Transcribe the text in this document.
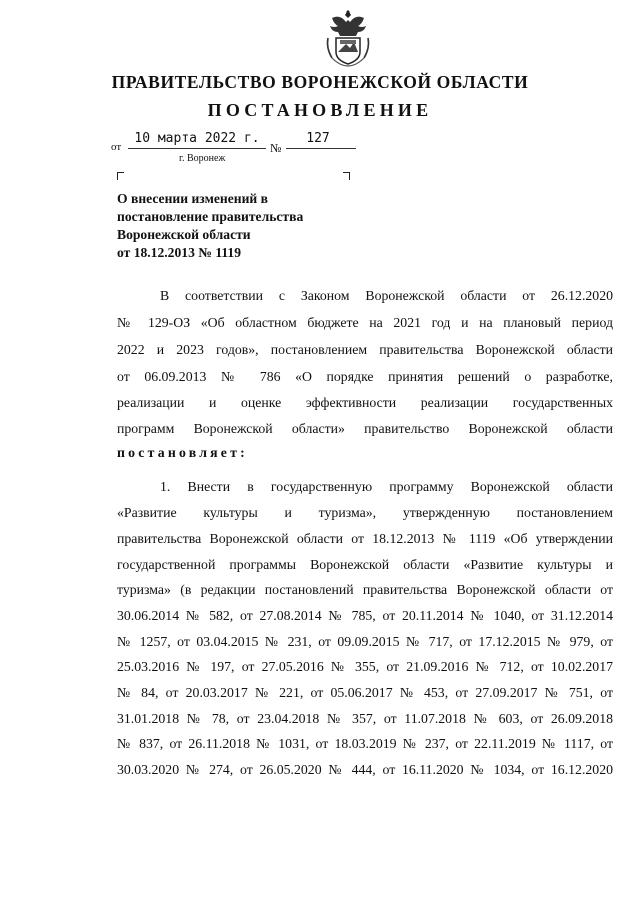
ПРАВИТЕЛЬСТВО ВОРОНЕЖСКОЙ ОБЛАСТИ
ПОСТАНОВЛЕНИЕ
от
10 марта 2022 г.
№
127
г. Воронеж
О внесении изменений в
постановление правительства
Воронежской области
от 18.12.2013 № 1119
В соответствии с Законом Воронежской области от 26.12.2020
№ 129-ОЗ «Об областном бюджете на 2021 год и на плановый период
2022 и 2023 годов», постановлением правительства Воронежской области
от 06.09.2013 № 786 «О порядке принятия решений о разработке,
реализации и оценке эффективности реализации государственных
программ Воронежской области» правительство Воронежской области
постановляет:
1. Внести в государственную программу Воронежской области
«Развитие культуры и туризма», утвержденную постановлением
правительства Воронежской области от 18.12.2013 № 1119 «Об утверждении
государственной программы Воронежской области «Развитие культуры и
туризма» (в редакции постановлений правительства Воронежской области от
30.06.2014 № 582, от 27.08.2014 № 785, от 20.11.2014 № 1040, от 31.12.2014
№ 1257, от 03.04.2015 № 231, от 09.09.2015 № 717, от 17.12.2015 № 979, от
25.03.2016 № 197, от 27.05.2016 № 355, от 21.09.2016 № 712, от 10.02.2017
№ 84, от 20.03.2017 № 221, от 05.06.2017 № 453, от 27.09.2017 № 751, от
31.01.2018 № 78, от 23.04.2018 № 357, от 11.07.2018 № 603, от 26.09.2018
№ 837, от 26.11.2018 № 1031, от 18.03.2019 № 237, от 22.11.2019 № 1117, от
30.03.2020 № 274, от 26.05.2020 № 444, от 16.11.2020 № 1034, от 16.12.2020
